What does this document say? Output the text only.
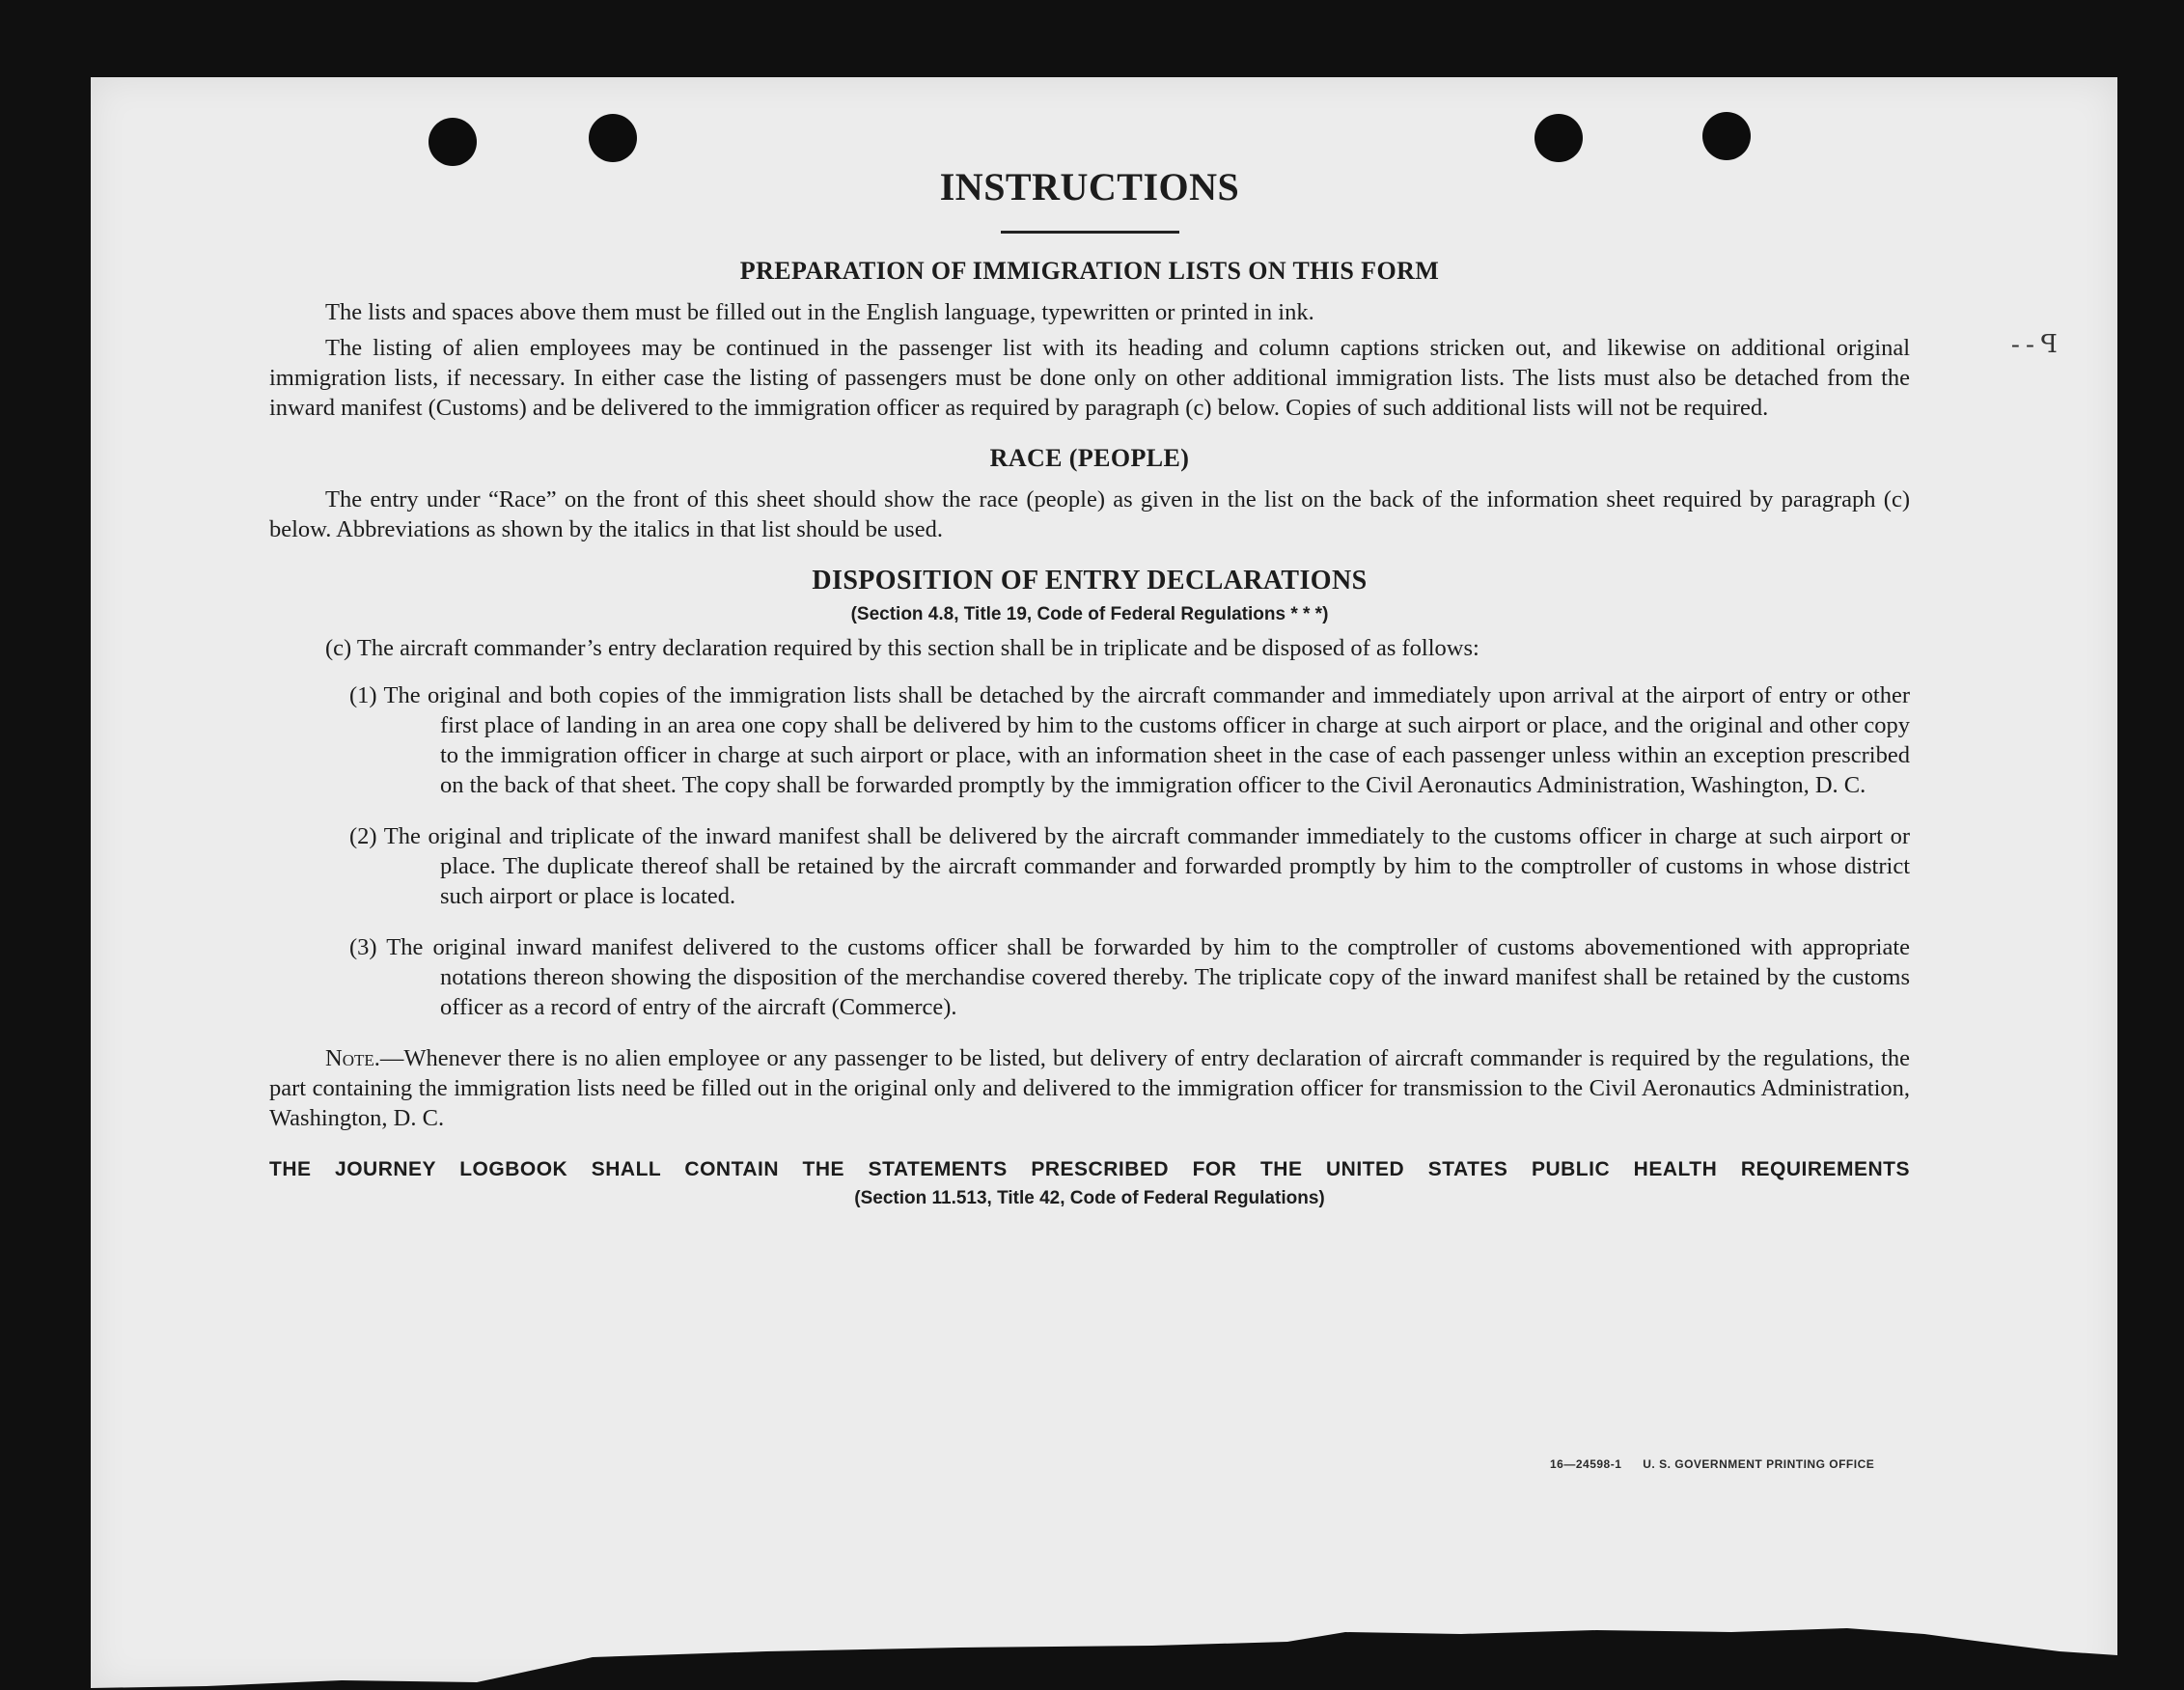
- - ꟼ
INSTRUCTIONS
PREPARATION OF IMMIGRATION LISTS ON THIS FORM

The lists and spaces above them must be filled out in the English language, typewritten or printed in ink.

The listing of alien employees may be continued in the passenger list with its heading and column captions stricken out, and likewise on additional original immigration lists, if necessary. In either case the listing of passengers must be done only on other additional immigration lists. The lists must also be detached from the inward manifest (Customs) and be delivered to the immigration officer as required by paragraph (c) below. Copies of such additional lists will not be required.

RACE (PEOPLE)

The entry under “Race” on the front of this sheet should show the race (people) as given in the list on the back of the information sheet required by paragraph (c) below. Abbreviations as shown by the italics in that list should be used.

DISPOSITION OF ENTRY DECLARATIONS
(Section 4.8, Title 19, Code of Federal Regulations * * *)

(c) The aircraft commander’s entry declaration required by this section shall be in triplicate and be disposed of as follows:

(1) The original and both copies of the immigration lists shall be detached by the aircraft commander and immediately upon arrival at the airport of entry or other first place of landing in an area one copy shall be delivered by him to the customs officer in charge at such airport or place, and the original and other copy to the immigration officer in charge at such airport or place, with an information sheet in the case of each passenger unless within an exception prescribed on the back of that sheet. The copy shall be forwarded promptly by the immigration officer to the Civil Aeronautics Administration, Washington, D. C.
(2) The original and triplicate of the inward manifest shall be delivered by the aircraft commander immediately to the customs officer in charge at such airport or place. The duplicate thereof shall be retained by the aircraft commander and forwarded promptly by him to the comptroller of customs in whose district such airport or place is located.
(3) The original inward manifest delivered to the customs officer shall be forwarded by him to the comptroller of customs abovementioned with appropriate notations thereon showing the disposition of the merchandise covered thereby. The triplicate copy of the inward manifest shall be retained by the customs officer as a record of entry of the aircraft (Commerce).

Note.—Whenever there is no alien employee or any passenger to be listed, but delivery of entry declaration of aircraft commander is required by the regulations, the part containing the immigration lists need be filled out in the original only and delivered to the immigration officer for transmission to the Civil Aeronautics Administration, Washington, D. C.

THE JOURNEY LOGBOOK SHALL CONTAIN THE STATEMENTS PRESCRIBED FOR THE UNITED STATES PUBLIC HEALTH REQUIREMENTS

(Section 11.513, Title 42, Code of Federal Regulations)
16—24598-1 U. S. GOVERNMENT PRINTING OFFICE
